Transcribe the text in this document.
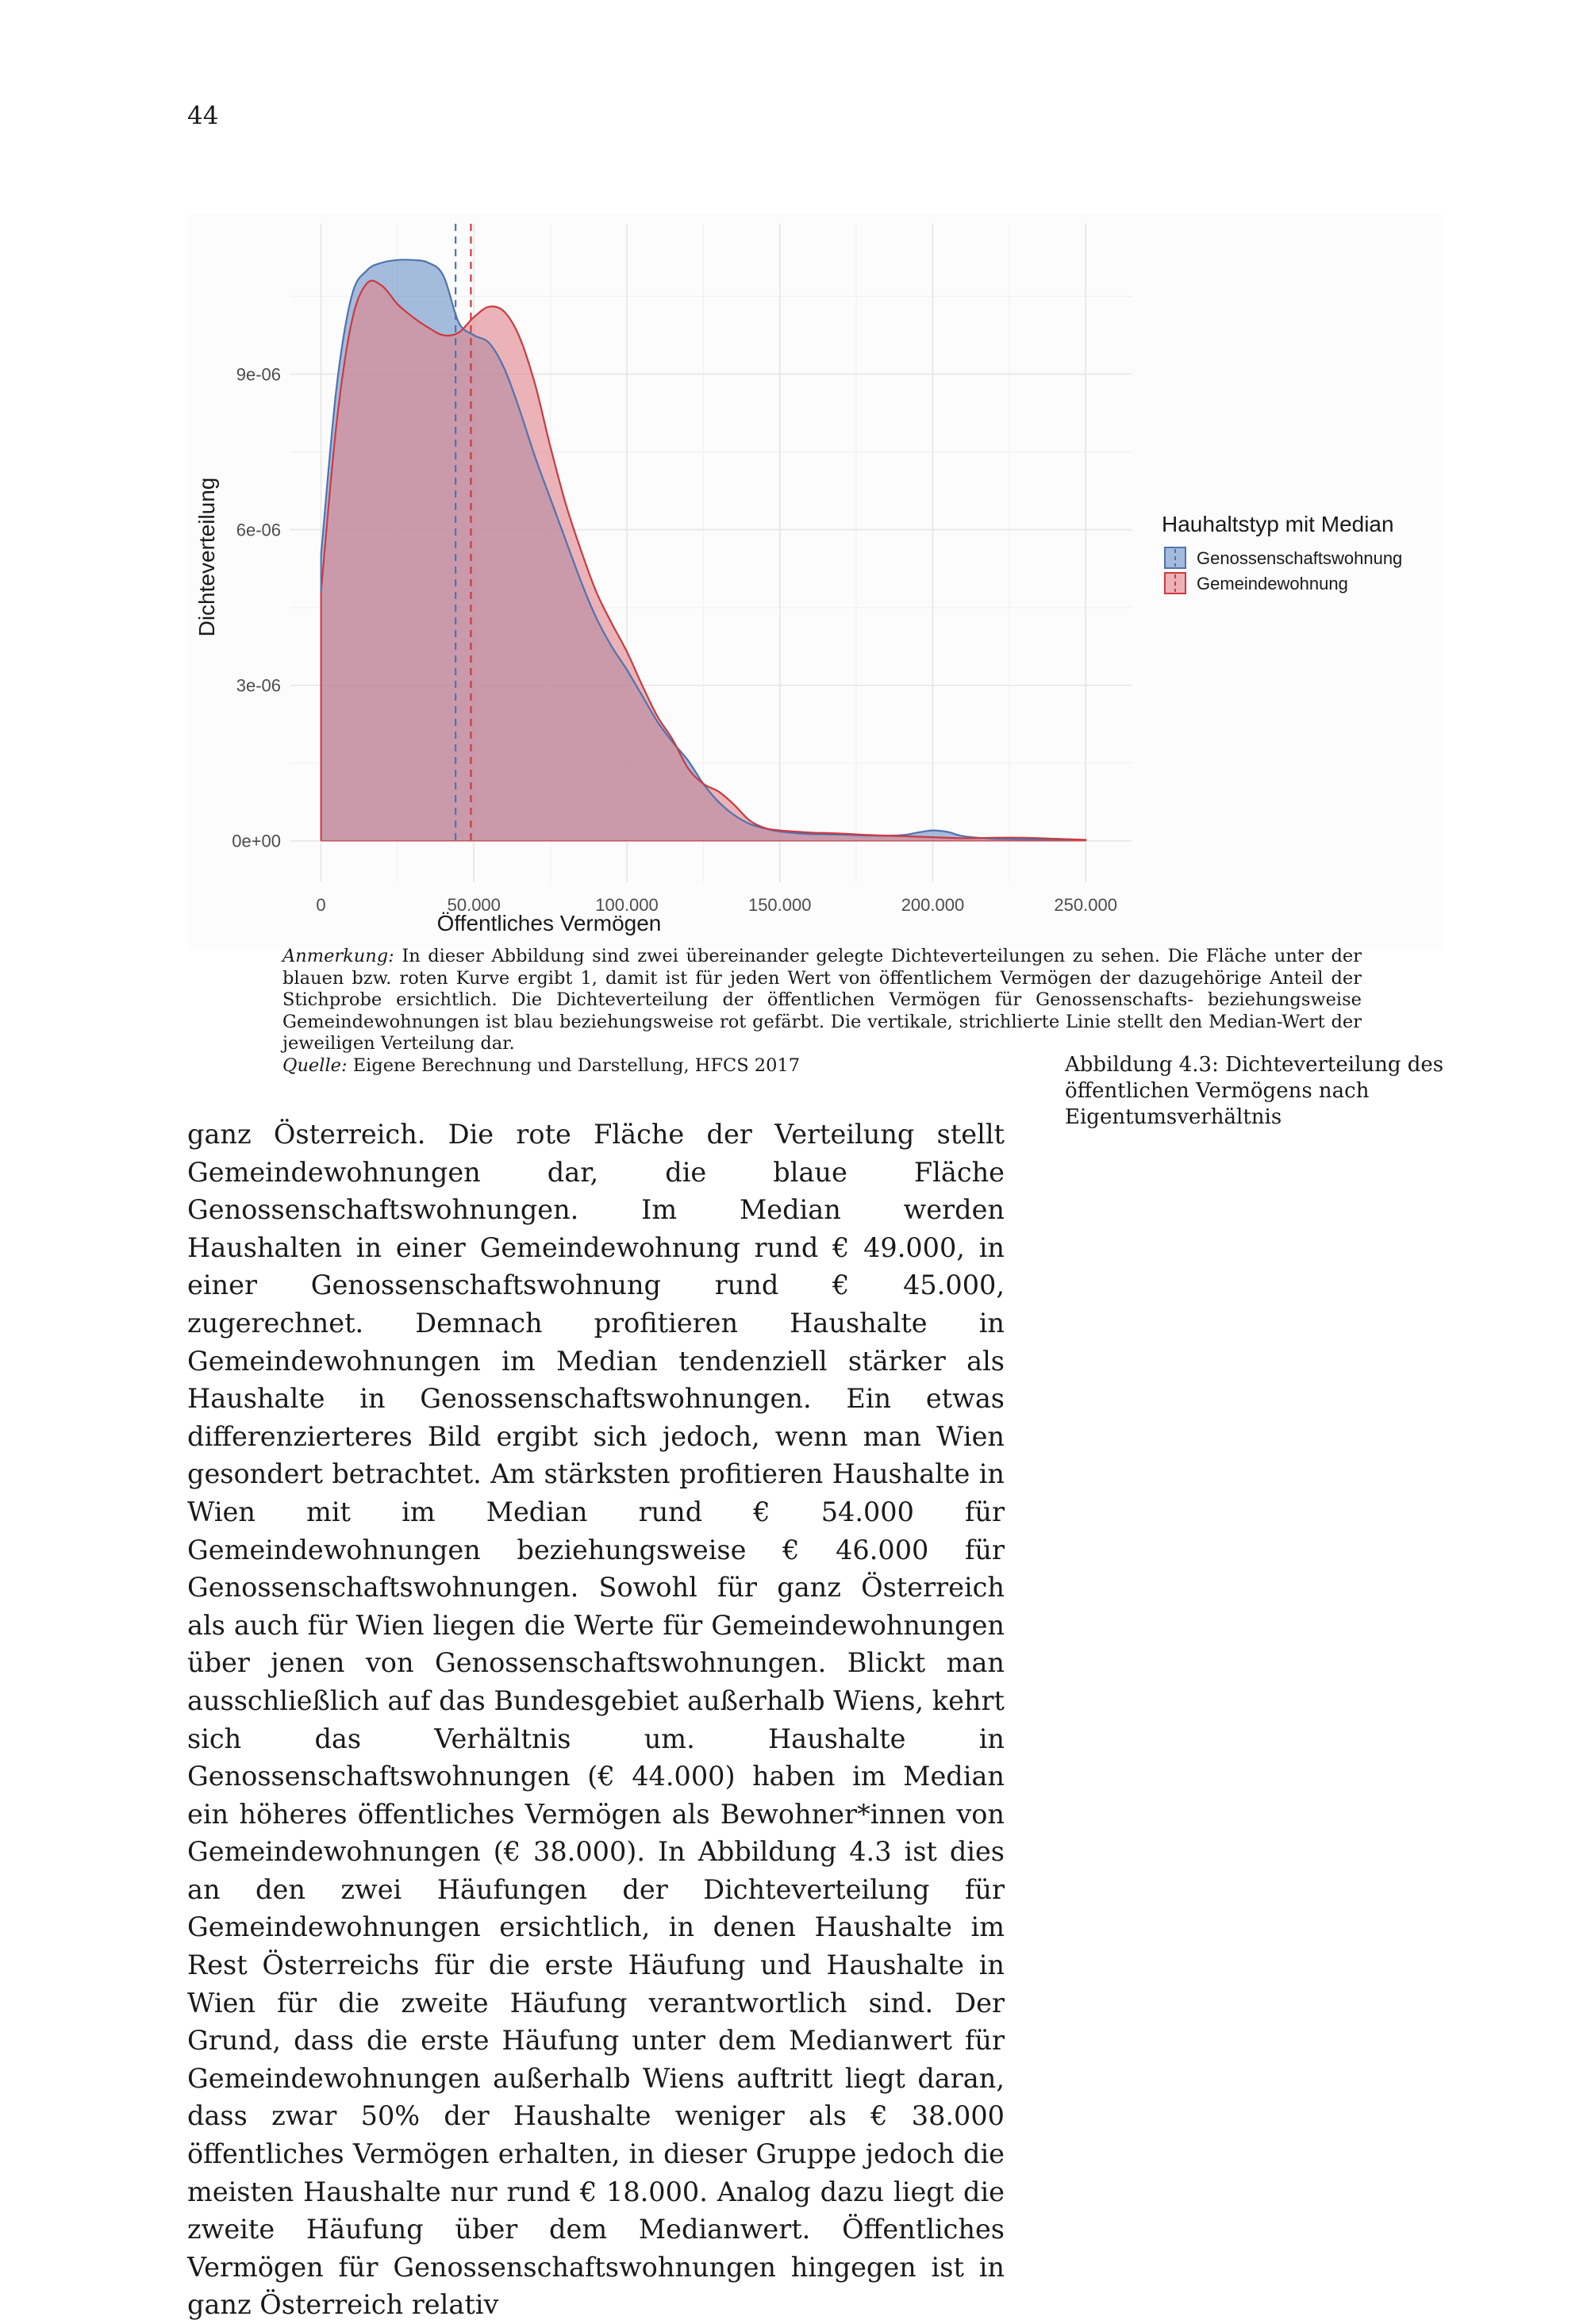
44
0e+00
3e-06
6e-06
9e-06
0	50.000	100.000	150.000	200.000	250.000
Öffentliches Vermögen
Dichteverteilung	Hauhaltstyp mit Median
Genossenschaftswohnung
Gemeindewohnung

Anmerkung: In dieser Abbildung sind zwei übereinander gelegte Dichteverteilungen zu sehen. Die Fläche unter der blauen bzw. roten Kurve ergibt 1, damit ist für jeden Wert von öffentlichem Vermögen der dazugehörige Anteil der Stichprobe ersichtlich. Die Dichteverteilung der öffentlichen Vermögen für Genossenschafts- beziehungsweise Gemeindewohnungen ist blau beziehungsweise rot gefärbt. Die vertikale, strichlierte Linie stellt den Median-Wert der jeweiligen Verteilung dar.

Quelle: Eigene Berechnung und Darstellung, HFCS 2017	Abbildung 4.3: Dichteverteilung des öffentlichen Vermögens nach Eigentumsverhältnis

ganz Österreich. Die rote Fläche der Verteilung stellt Gemeindewohnungen dar, die blaue Fläche Genossenschaftswohnungen. Im Median werden Haushalten in einer Gemeindewohnung rund € 49.000, in einer Genossenschaftswohnung rund € 45.000, zugerechnet. Demnach profitieren Haushalte in Gemeindewohnungen im Median tendenziell stärker als Haushalte in Genossenschaftswohnungen. Ein etwas differenzierteres Bild ergibt sich jedoch, wenn man Wien gesondert betrachtet. Am stärksten profitieren Haushalte in Wien mit im Median rund € 54.000 für Gemeindewohnungen beziehungsweise € 46.000 für Genossenschaftswohnungen. Sowohl für ganz Österreich als auch für Wien liegen die Werte für Gemeindewohnungen über jenen von Genossenschaftswohnungen. Blickt man ausschließlich auf das Bundesgebiet außerhalb Wiens, kehrt sich das Verhältnis um. Haushalte in Genossenschaftswohnungen (€ 44.000) haben im Median ein höheres öffentliches Vermögen als Bewohner*innen von Gemeindewohnungen (€ 38.000). In Abbildung 4.3 ist dies an den zwei Häufungen der Dichteverteilung für Gemeindewohnungen ersichtlich, in denen Haushalte im Rest Österreichs für die erste Häufung und Haushalte in Wien für die zweite Häufung verantwortlich sind. Der Grund, dass die erste Häufung unter dem Medianwert für Gemeindewohnungen außerhalb Wiens auftritt liegt daran, dass zwar 50% der Haushalte weniger als € 38.000 öffentliches Vermögen erhalten, in dieser Gruppe jedoch die meisten Haushalte nur rund € 18.000. Analog dazu liegt die zweite Häufung über dem Medianwert. Öffentliches Vermögen für Genossenschaftswohnungen hingegen ist in ganz Österreich relativ
